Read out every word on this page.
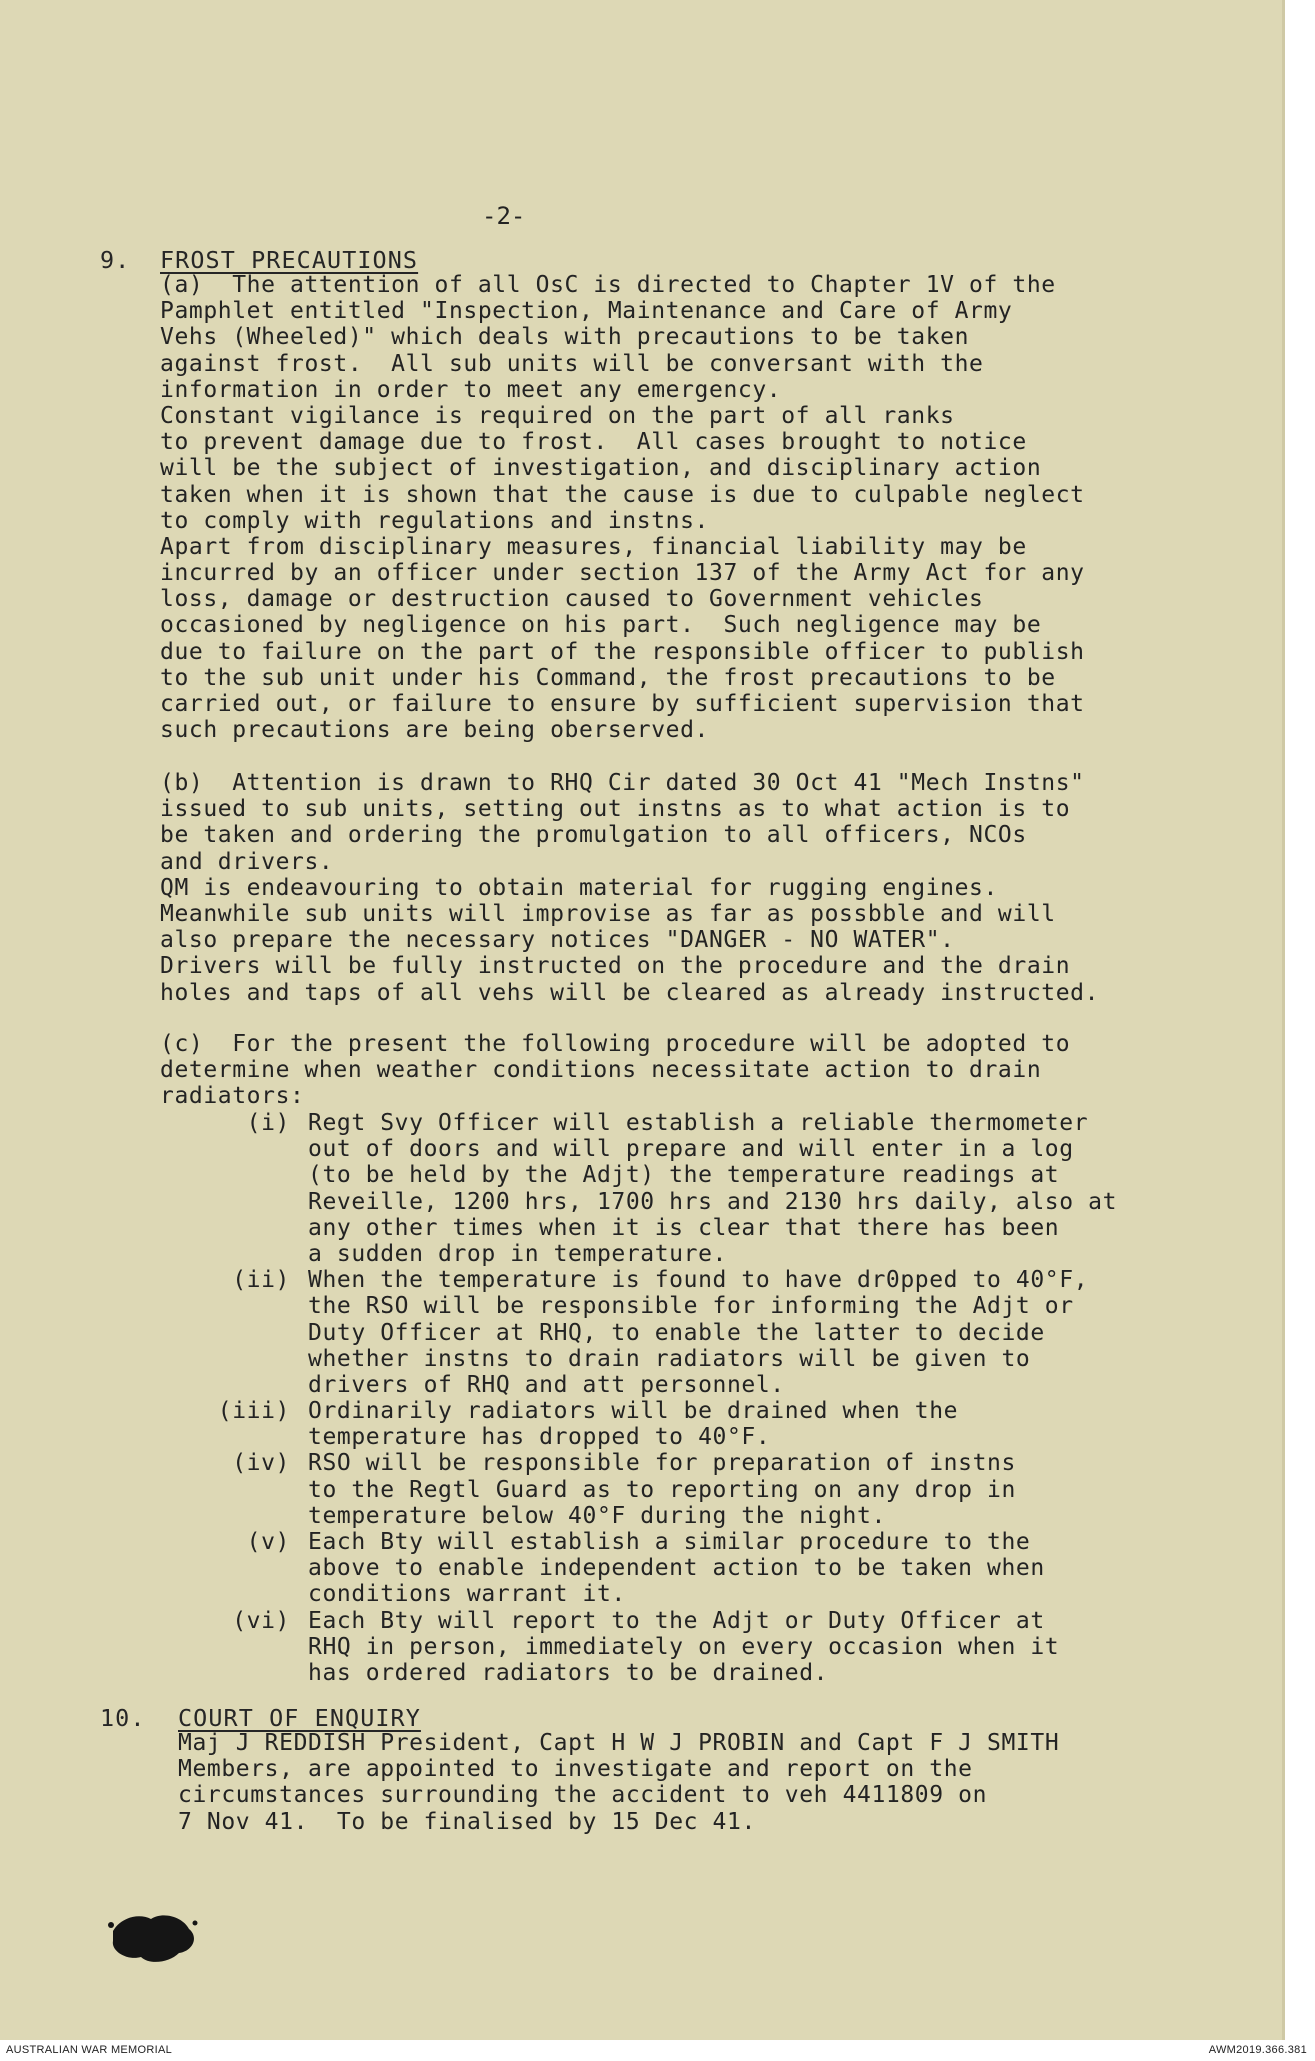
-2-
9. FROST PRECAUTIONS
(a)  The attention of all OsC is directed to Chapter 1V of the
Pamphlet entitled "Inspection, Maintenance and Care of Army
Vehs (Wheeled)" which deals with precautions to be taken
against frost.  All sub units will be conversant with the
information in order to meet any emergency.
Constant vigilance is required on the part of all ranks
to prevent damage due to frost.  All cases brought to notice
will be the subject of investigation, and disciplinary action
taken when it is shown that the cause is due to culpable neglect
to comply with regulations and instns.
Apart from disciplinary measures, financial liability may be
incurred by an officer under section 137 of the Army Act for any
loss, damage or destruction caused to Government vehicles
occasioned by negligence on his part.  Such negligence may be
due to failure on the part of the responsible officer to publish
to the sub unit under his Command, the frost precautions to be
carried out, or failure to ensure by sufficient supervision that
such precautions are being oberserved.
(b)  Attention is drawn to RHQ Cir dated 30 Oct 41 "Mech Instns"
issued to sub units, setting out instns as to what action is to
be taken and ordering the promulgation to all officers, NCOs
and drivers.
QM is endeavouring to obtain material for rugging engines.
Meanwhile sub units will improvise as far as possbble and will
also prepare the necessary notices "DANGER - NO WATER".
Drivers will be fully instructed on the procedure and the drain
holes and taps of all vehs will be cleared as already instructed.
(c)  For the present the following procedure will be adopted to
determine when weather conditions necessitate action to drain
radiators:
(i) Regt Svy Officer will establish a reliable thermometer
out of doors and will prepare and will enter in a log
(to be held by the Adjt) the temperature readings at
Reveille, 1200 hrs, 1700 hrs and 2130 hrs daily, also at
any other times when it is clear that there has been
a sudden drop in temperature.
(ii) When the temperature is found to have dr0pped to 40°F,
the RSO will be responsible for informing the Adjt or
Duty Officer at RHQ, to enable the latter to decide
whether instns to drain radiators will be given to
drivers of RHQ and att personnel.
(iii) Ordinarily radiators will be drained when the
temperature has dropped to 40°F.
(iv) RSO will be responsible for preparation of instns
to the Regtl Guard as to reporting on any drop in
temperature below 40°F during the night.
(v) Each Bty will establish a similar procedure to the
above to enable independent action to be taken when
conditions warrant it.
(vi) Each Bty will report to the Adjt or Duty Officer at
RHQ in person, immediately on every occasion when it
has ordered radiators to be drained.
10. COURT OF ENQUIRY
Maj J REDDISH President, Capt H W J PROBIN and Capt F J SMITH
Members, are appointed to investigate and report on the
circumstances surrounding the accident to veh 4411809 on
7 Nov 41.  To be finalised by 15 Dec 41.
AUSTRALIAN WAR MEMORIAL	AWM2019.366.381
